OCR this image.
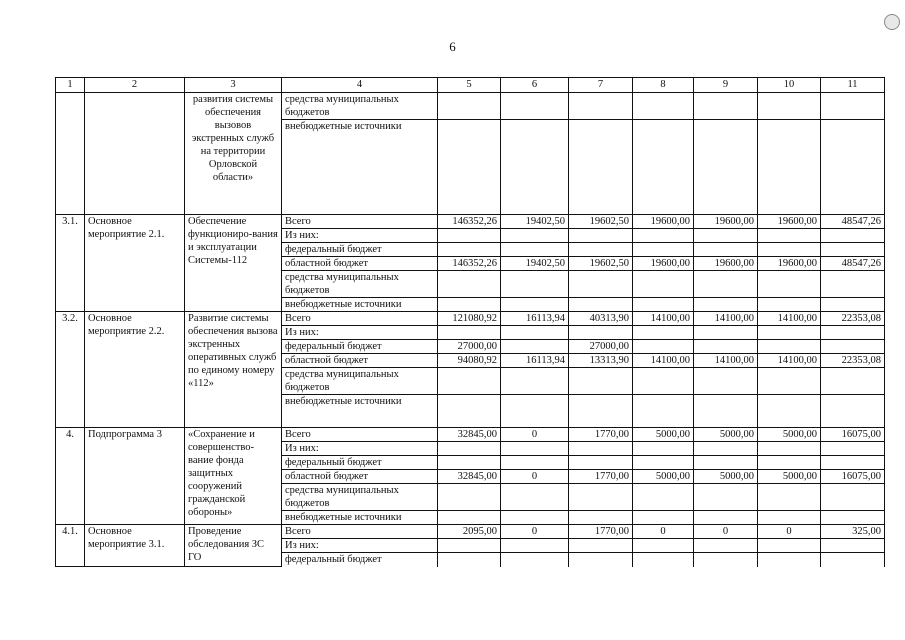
6
1	2	3	4	5	6	7	8	9	10	11
		развития системы обеспечения вызовов экстренных служб на территории Орловской области»	средства муниципальных бюджетов							
			внебюджетные источники							
3.1.	Основное мероприятие 2.1.	Обеспечение функциониро-вания и эксплуатации Системы-112	Всего	146352,26	19402,50	19602,50	19600,00	19600,00	19600,00	48547,26
			Из них:							
			федеральный бюджет							
			областной бюджет	146352,26	19402,50	19602,50	19600,00	19600,00	19600,00	48547,26
			средства муниципальных бюджетов							
			внебюджетные источники							
3.2.	Основное мероприятие 2.2.	Развитие системы обеспечения вызова экстренных оперативных служб по единому номеру «112»	Всего	121080,92	16113,94	40313,90	14100,00	14100,00	14100,00	22353,08
			Из них:							
			федеральный бюджет	27000,00		27000,00				
			областной бюджет	94080,92	16113,94	13313,90	14100,00	14100,00	14100,00	22353,08
			средства муниципальных бюджетов							
			внебюджетные источники							
4.	Подпрограмма 3	«Сохранение и совершенство-вание фонда защитных сооружений гражданской обороны»	Всего	32845,00	0	1770,00	5000,00	5000,00	5000,00	16075,00
			Из них:							
			федеральный бюджет							
			областной бюджет	32845,00	0	1770,00	5000,00	5000,00	5000,00	16075,00
			средства муниципальных бюджетов							
			внебюджетные источники							
4.1.	Основное мероприятие 3.1.	Проведение обследования ЗС ГО	Всего	2095,00	0	1770,00	0	0	0	325,00
			Из них:							
			федеральный бюджет							
